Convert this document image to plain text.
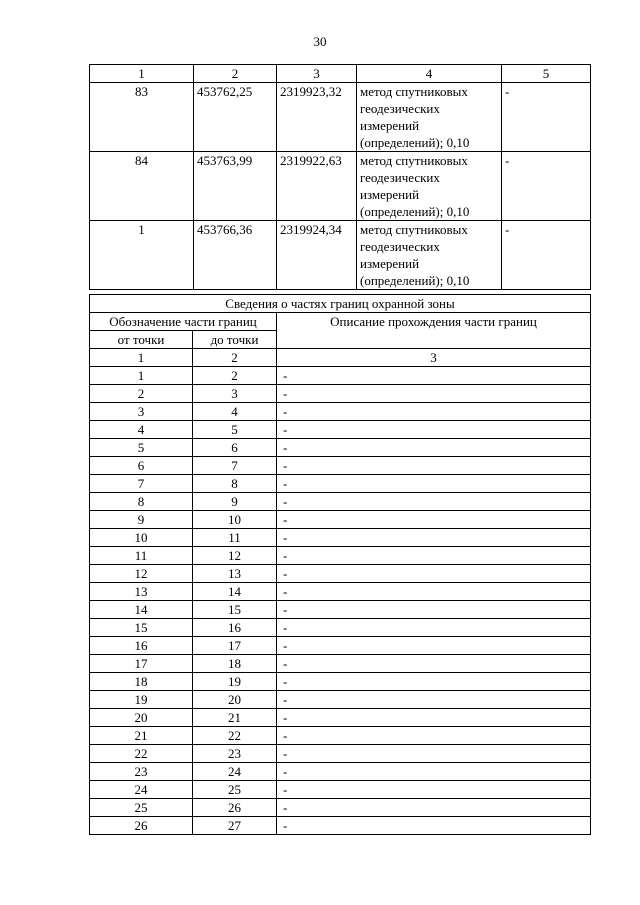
30
1	2	3	4	5
83	453762,25	2319923,32	метод спутниковых геодезических измерений (определений); 0,10	-
84	453763,99	2319922,63	метод спутниковых геодезических измерений (определений); 0,10	-
1	453766,36	2319924,34	метод спутниковых геодезических измерений (определений); 0,10	-
Сведения о частях границ охранной зоны		
Обозначение части границ		Описание прохождения части границ
от точки	до точки	
1	2	3
1	2	-
2	3	-
3	4	-
4	5	-
5	6	-
6	7	-
7	8	-
8	9	-
9	10	-
10	11	-
11	12	-
12	13	-
13	14	-
14	15	-
15	16	-
16	17	-
17	18	-
18	19	-
19	20	-
20	21	-
21	22	-
22	23	-
23	24	-
24	25	-
25	26	-
26	27	-
